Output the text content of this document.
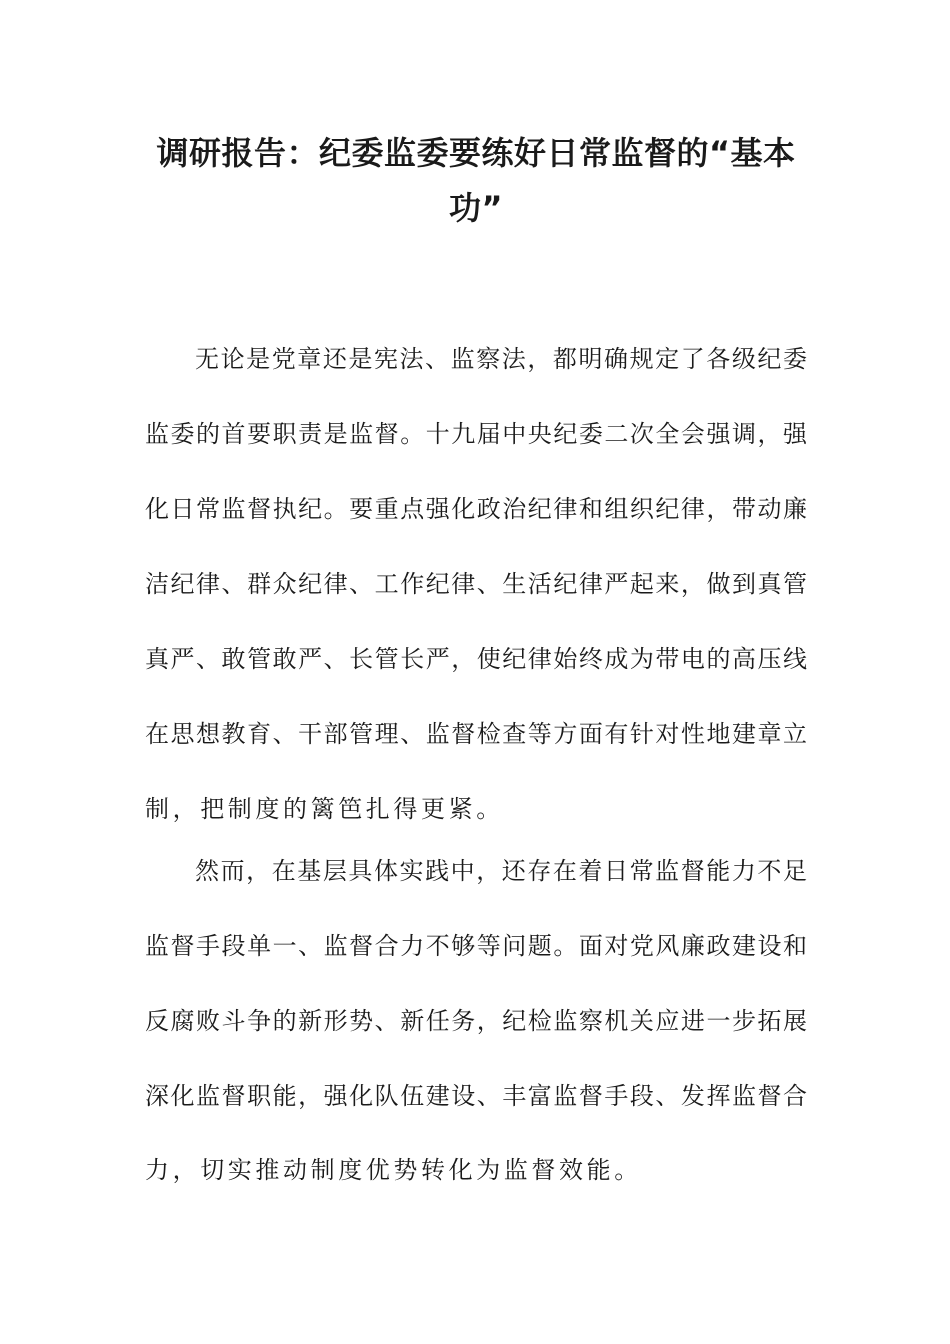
调研报告：纪委监委要练好日常监督的“基本功”
无论是党章还是宪法、监察法，都明确规定了各级纪委
监委的首要职责是监督。十九届中央纪委二次全会强调，强
化日常监督执纪。要重点强化政治纪律和组织纪律，带动廉
洁纪律、群众纪律、工作纪律、生活纪律严起来，做到真管
真严、敢管敢严、长管长严，使纪律始终成为带电的高压线
在思想教育、干部管理、监督检查等方面有针对性地建章立
制，把制度的篱笆扎得更紧。
然而，在基层具体实践中，还存在着日常监督能力不足
监督手段单一、监督合力不够等问题。面对党风廉政建设和
反腐败斗争的新形势、新任务，纪检监察机关应进一步拓展
深化监督职能，强化队伍建设、丰富监督手段、发挥监督合
力，切实推动制度优势转化为监督效能。
